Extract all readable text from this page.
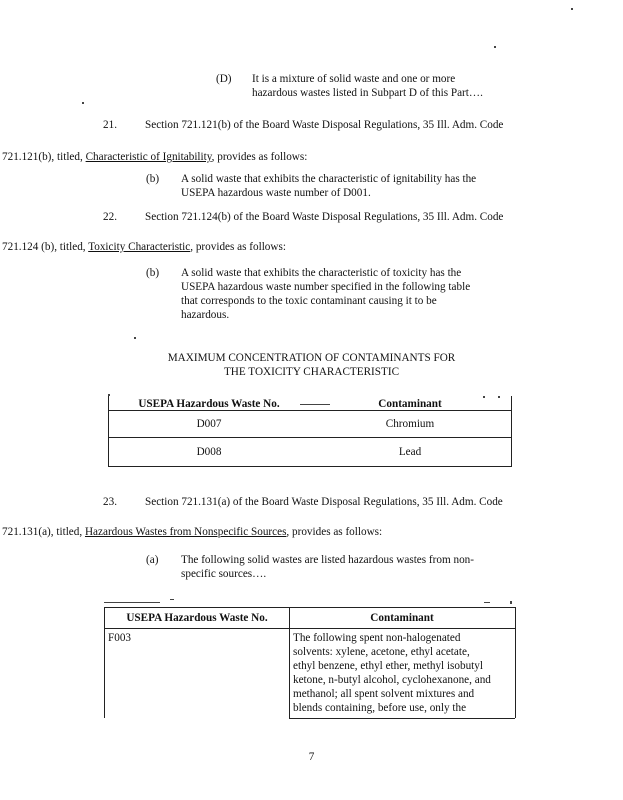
(D) It is a mixture of solid waste and one or more
hazardous wastes listed in Subpart D of this Part….
21.	Section 721.121(b) of the Board Waste Disposal Regulations, 35 Ill. Adm. Code
721.121(b), titled, Characteristic of Ignitability, provides as follows:
(b) A solid waste that exhibits the characteristic of ignitability has the
USEPA hazardous waste number of D001.
22.	Section 721.124(b) of the Board Waste Disposal Regulations, 35 Ill. Adm. Code
721.124 (b), titled, Toxicity Characteristic, provides as follows:
(b) A solid waste that exhibits the characteristic of toxicity has the
USEPA hazardous waste number specified in the following table
that corresponds to the toxic contaminant causing it to be
hazardous.
MAXIMUM CONCENTRATION OF CONTAMINANTS FOR
THE TOXICITY CHARACTERISTIC
USEPA Hazardous Waste No.	Contaminant
D007	Chromium
D008	Lead
23.	Section 721.131(a) of the Board Waste Disposal Regulations, 35 Ill. Adm. Code
721.131(a), titled, Hazardous Wastes from Nonspecific Sources, provides as follows:
(a) The following solid wastes are listed hazardous wastes from non-
specific sources….
USEPA Hazardous Waste No.	Contaminant
F003	The following spent non-halogenated
solvents: xylene, acetone, ethyl acetate,
ethyl benzene, ethyl ether, methyl isobutyl
ketone, n-butyl alcohol, cyclohexanone, and
methanol; all spent solvent mixtures and
blends containing, before use, only the
7
